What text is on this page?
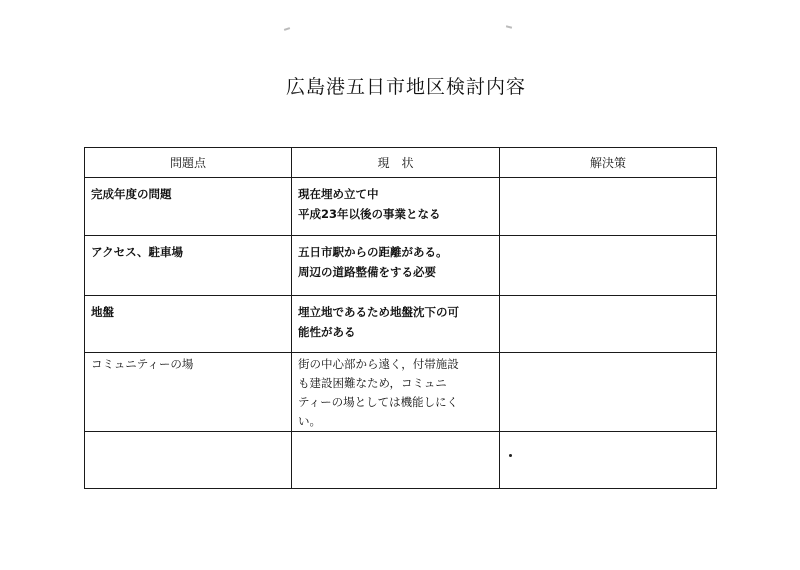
広島港五日市地区検討内容
問題点	現　状	解決策

完成年度の問題	現在埋め立て中
平成23年以後の事業となる	

アクセス、駐車場	五日市駅からの距離がある。
周辺の道路整備をする必要	

地盤	埋立地であるため地盤沈下の可
能性がある	

コミュニティーの場	街の中心部から遠く，付帯施設
も建設困難なため，コミュニ
ティーの場としては機能しにく
い。	
